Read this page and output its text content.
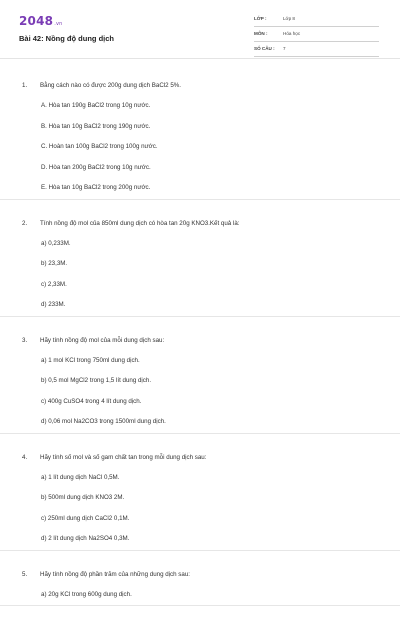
2048.vn
Bài 42: Nồng độ dung dịch
LỚP :	Lớp 8
MÔN :	Hóa học
SỐ CÂU : 7
1. Bằng cách nào có được 200g dung dịch BaCl2 5%.
A. Hòa tan 190g BaCl2 trong 10g nước.
B. Hòa tan 10g BaCl2 trong 190g nước.
C. Hoàn tan 100g BaCl2 trong 100g nước.
D. Hòa tan 200g BaCl2 trong 10g nước.
E. Hòa tan 10g BaCl2 trong 200g nước.
2. Tính nồng độ mol của 850ml dung dịch có hòa tan 20g KNO3.Kết quả là:
a) 0,233M.
b) 23,3M.
c) 2,33M.
d) 233M.
3. Hãy tính nồng độ mol của mỗi dung dịch sau:
a) 1 mol KCl trong 750ml dung dịch.
b) 0,5 mol MgCl2 trong 1,5 lít dung dịch.
c) 400g CuSO4 trong 4 lít dung dịch.
d) 0,06 mol Na2CO3 trong 1500ml dung dịch.
4. Hãy tính số mol và số gam chất tan trong mỗi dung dịch sau:
a) 1 lít dung dịch NaCl 0,5M.
b) 500ml dung dịch KNO3 2M.
c) 250ml dung dịch CaCl2 0,1M.
d) 2 lít dung dịch Na2SO4 0,3M.
5. Hãy tính nồng độ phần trăm của những dung dịch sau:
a) 20g KCl trong 600g dung dịch.
